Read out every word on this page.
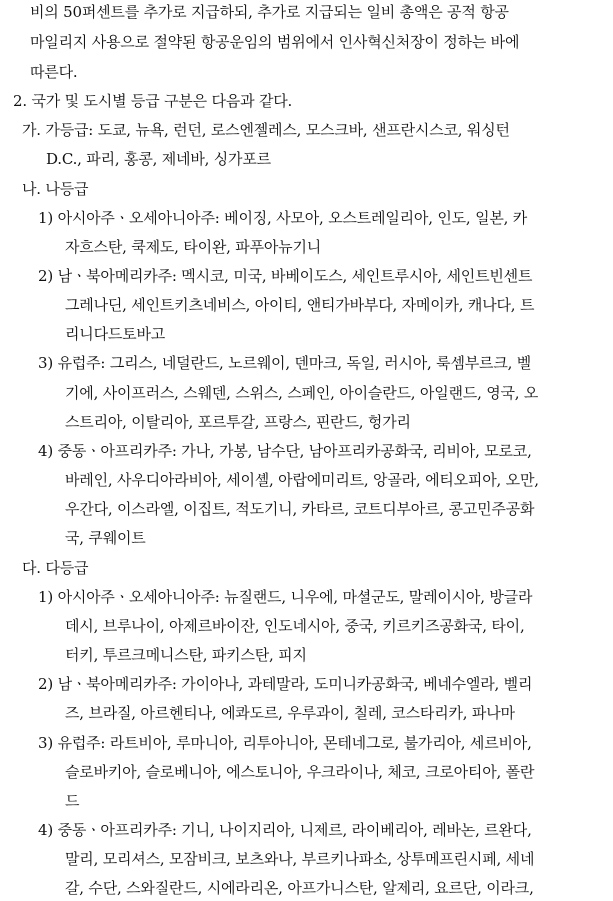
비의 50퍼센트를 추가로 지급하되, 추가로 지급되는 일비 총액은 공적 항공
마일리지 사용으로 절약된 항공운임의 범위에서 인사혁신처장이 정하는 바에
따른다.
2. 국가 및 도시별 등급 구분은 다음과 같다.
가. 가등급: 도쿄, 뉴욕, 런던, 로스엔젤레스, 모스크바, 샌프란시스코, 워싱턴
D.C., 파리, 홍콩, 제네바, 싱가포르
나. 나등급
1) 아시아주ㆍ오세아니아주: 베이징, 사모아, 오스트레일리아, 인도, 일본, 카
자흐스탄, 쿡제도, 타이완, 파푸아뉴기니
2) 남ㆍ북아메리카주: 멕시코, 미국, 바베이도스, 세인트루시아, 세인트빈센트
그레나딘, 세인트키츠네비스, 아이티, 앤티가바부다, 자메이카, 캐나다, 트
리니다드토바고
3) 유럽주: 그리스, 네덜란드, 노르웨이, 덴마크, 독일, 러시아, 룩셈부르크, 벨
기에, 사이프러스, 스웨덴, 스위스, 스페인, 아이슬란드, 아일랜드, 영국, 오
스트리아, 이탈리아, 포르투갈, 프랑스, 핀란드, 헝가리
4) 중동ㆍ아프리카주: 가나, 가봉, 남수단, 남아프리카공화국, 리비아, 모로코,
바레인, 사우디아라비아, 세이셸, 아랍에미리트, 앙골라, 에티오피아, 오만,
우간다, 이스라엘, 이집트, 적도기니, 카타르, 코트디부아르, 콩고민주공화
국, 쿠웨이트
다. 다등급
1) 아시아주ㆍ오세아니아주: 뉴질랜드, 니우에, 마셜군도, 말레이시아, 방글라
데시, 브루나이, 아제르바이잔, 인도네시아, 중국, 키르키즈공화국, 타이,
터키, 투르크메니스탄, 파키스탄, 피지
2) 남ㆍ북아메리카주: 가이아나, 과테말라, 도미니카공화국, 베네수엘라, 벨리
즈, 브라질, 아르헨티나, 에콰도르, 우루과이, 칠레, 코스타리카, 파나마
3) 유럽주: 라트비아, 루마니아, 리투아니아, 몬테네그로, 불가리아, 세르비아,
슬로바키아, 슬로베니아, 에스토니아, 우크라이나, 체코, 크로아티아, 폴란
드
4) 중동ㆍ아프리카주: 기니, 나이지리아, 니제르, 라이베리아, 레바논, 르완다,
말리, 모리셔스, 모잠비크, 보츠와나, 부르키나파소, 상투메프린시페, 세네
갈, 수단, 스와질란드, 시에라리온, 아프가니스탄, 알제리, 요르단, 이라크,
